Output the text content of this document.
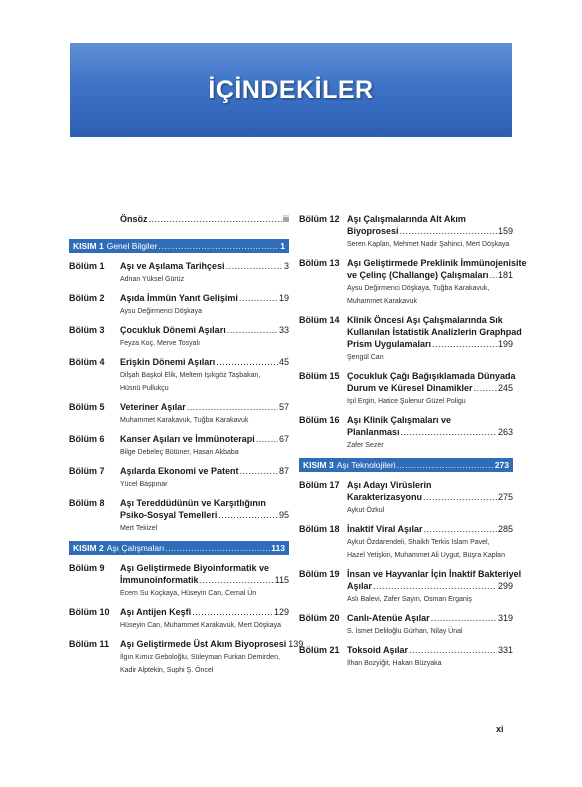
İÇİNDEKİLER
Önsöz .....	iii
KISIM 1 Genel Bilgiler .....	1
Bölüm 1	Aşı ve Aşılama Tarihçesi .....	3
Adnan Yüksel Gürüz
Bölüm 2	Aşıda İmmün Yanıt Gelişimi .....	19
Aysu Değirmenci Döşkaya
Bölüm 3	Çocukluk Dönemi Aşıları .....	33
Feyza Koç, Merve Tosyalı
Bölüm 4	Erişkin Dönemi Aşıları .....	45
Dilşah Başkol Elik, Meltem Işıkgöz Taşbakan,
Hüsnü Pullukçu
Bölüm 5	Veteriner Aşılar .....	57
Muhammet Karakavuk, Tuğba Karakavuk
Bölüm 6	Kanser Aşıları ve İmmünoterapi .....	67
Bilge Debeleç Bütüner, Hasan Akbaba
Bölüm 7	Aşılarda Ekonomi ve Patent .....	87
Yücel Başpınar
Bölüm 8	Aşı Tereddüdünün ve Karşıtlığının
Psiko-Sosyal Temelleri .....	95
Mert Tekizel
KISIM 2 Aşı Çalışmaları .....	113
Bölüm 9	Aşı Geliştirmede Biyoinformatik ve
İmmunoinformatik .....	115
Ecem Su Koçkaya, Hüseyin Can, Cemal Ün
Bölüm 10	Aşı Antijen Keşfi .....	129
Hüseyin Can, Muhammet Karakavuk, Mert Döşkaya
Bölüm 11	Aşı Geliştirmede Üst Akım Biyoprosesi 139
İlgın Kımız Geboloğlu, Süleyman Furkan Demirden,
Kadir Alptekin, Suphi Ş. Öncel
Bölüm 12 Aşı Çalışmalarında Alt Akım
Biyoprosesi .....	159
Seren Kaplan, Mehmet Nadir Şahinci, Mert Döşkaya
Bölüm 13 Aşı Geliştirmede Preklinik İmmünojenisite
ve Çelinç (Challange) Çalışmaları ..... 181
Aysu Değirmenci Döşkaya, Tuğba Karakavuk,
Muhammet Karakavuk
Bölüm 14 Klinik Öncesi Aşı Çalışmalarında Sık
Kullanılan İstatistik Analizlerin Graphpad
Prism Uygulamaları .....	199
Şengül Can
Bölüm 15 Çocukluk Çağı Bağışıklamada Dünyada
Durum ve Küresel Dinamikler .....	245
Işıl Ergin, Hatice Şulenur Güzel Poligu
Bölüm 16 Aşı Klinik Çalışmaları ve
Planlanması .....	263
Zafer Sezer
KISIM 3 Aşı Teknolojileri .....	273
Bölüm 17 Aşı Adayı Virüslerin
Karakterizasyonu .....	275
Aykut Özkul
Bölüm 18 İnaktif Viral Aşılar .....	285
Aykut Özdarendeli, Shaikh Terkis Islam Pavel,
Hazel Yetişkin, Muhammet Ali Uygut, Büşra Kaplan
Bölüm 19 İnsan ve Hayvanlar İçin İnaktif Bakteriyel
Aşılar .....	299
Aslı Balevi, Zafer Sayın, Osman Erganiş
Bölüm 20 Canlı-Atenüe Aşılar .....	319
S. İsmet Deliloğlu Gürhan, Nilay Ünal
Bölüm 21 Toksoid Aşılar .....	331
İlhan Bozyiğit, Hakan Büzyaka
xi
